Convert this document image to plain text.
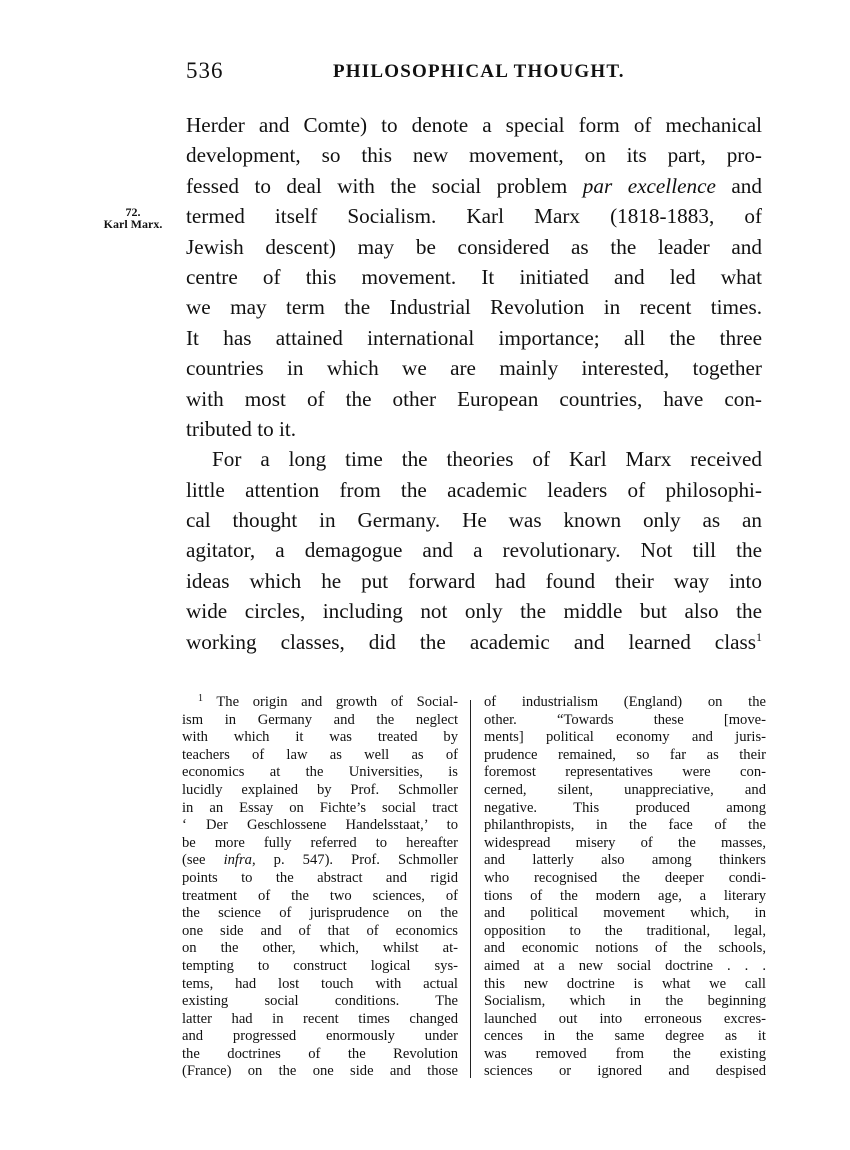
536	PHILOSOPHICAL THOUGHT.
72.
Karl Marx.
Herder and Comte) to denote a special form of mechanical
development, so this new movement, on its part, pro-
fessed to deal with the social problem par excellence and
termed itself Socialism. Karl Marx (1818-1883, of
Jewish descent) may be considered as the leader and
centre of this movement. It initiated and led what
we may term the Industrial Revolution in recent times.
It has attained international importance; all the three
countries in which we are mainly interested, together
with most of the other European countries, have con-
tributed to it.
For a long time the theories of Karl Marx received
little attention from the academic leaders of philosophi-
cal thought in Germany. He was known only as an
agitator, a demagogue and a revolutionary. Not till the
ideas which he put forward had found their way into
wide circles, including not only the middle but also the
working classes, did the academic and learned class$^1$
$^1$ The origin and growth of Social-
ism in Germany and the neglect
with which it was treated by
teachers of law as well as of
economics at the Universities, is
lucidly explained by Prof. Schmoller
in an Essay on Fichte’s social tract
‘ Der Geschlossene Handelsstaat,’ to
be more fully referred to hereafter
(see infra, p. 547). Prof. Schmoller
points to the abstract and rigid
treatment of the two sciences, of
the science of jurisprudence on the
one side and of that of economics
on the other, which, whilst at-
tempting to construct logical sys-
tems, had lost touch with actual
existing social conditions. The
latter had in recent times changed
and progressed enormously under
the doctrines of the Revolution
(France) on the one side and those
of industrialism (England) on the
other. “Towards these [move-
ments] political economy and juris-
prudence remained, so far as their
foremost representatives were con-
cerned, silent, unappreciative, and
negative. This produced among
philanthropists, in the face of the
widespread misery of the masses,
and latterly also among thinkers
who recognised the deeper condi-
tions of the modern age, a literary
and political movement which, in
opposition to the traditional, legal,
and economic notions of the schools,
aimed at a new social doctrine . . .
this new doctrine is what we call
Socialism, which in the beginning
launched out into erroneous excres-
cences in the same degree as it
was removed from the existing
sciences or ignored and despised
